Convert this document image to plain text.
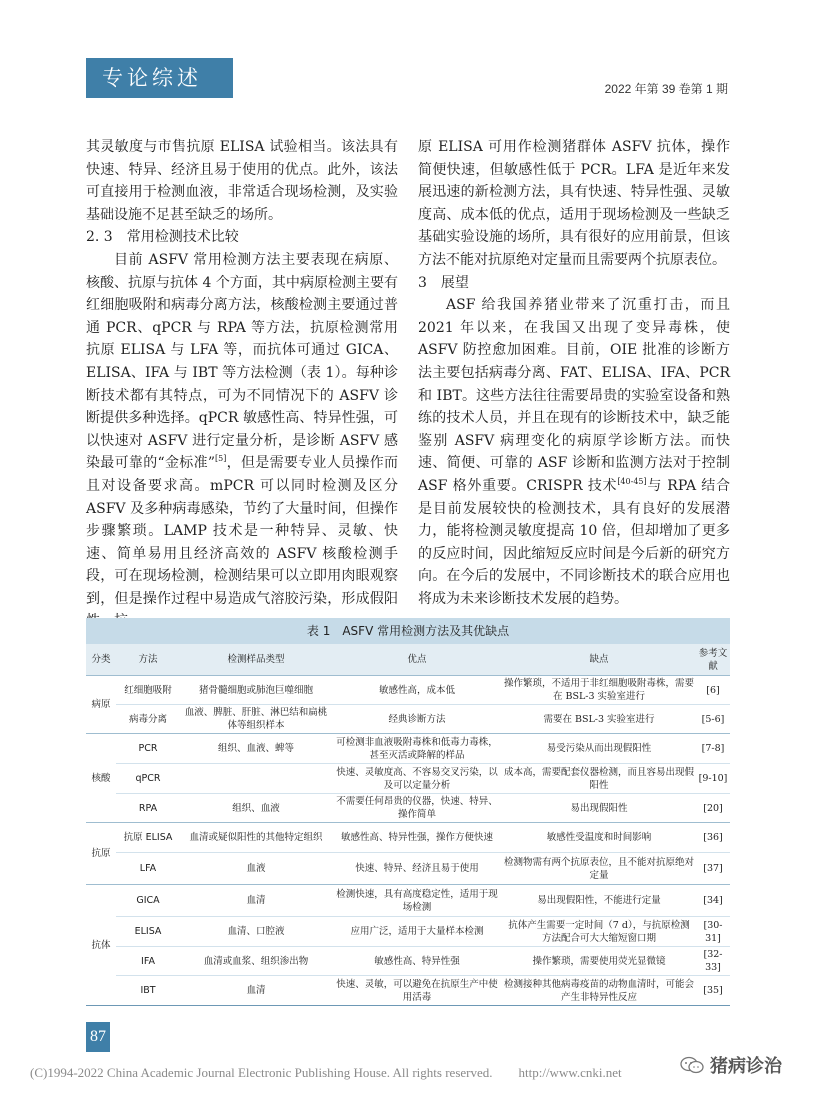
专论综述	2022 年第 39 卷第 1 期

其灵敏度与市售抗原 ELISA 试验相当。该法具有快速、特异、经济且易于使用的优点。此外，该法可直接用于检测血液，非常适合现场检测，及实验基础设施不足甚至缺乏的场所。

2. 3　常用检测技术比较

目前 ASFV 常用检测方法主要表现在病原、核酸、抗原与抗体 4 个方面，其中病原检测主要有红细胞吸附和病毒分离方法，核酸检测主要通过普通 PCR、qPCR 与 RPA 等方法，抗原检测常用抗原 ELISA 与 LFA 等，而抗体可通过 GICA、ELISA、IFA 与 IBT 等方法检测（表 1）。每种诊断技术都有其特点，可为不同情况下的 ASFV 诊断提供多种选择。qPCR 敏感性高、特异性强，可以快速对 ASFV 进行定量分析，是诊断 ASFV 感染最可靠的“金标准”[5]，但是需要专业人员操作而且对设备要求高。mPCR 可以同时检测及区分 ASFV 及多种病毒感染，节约了大量时间，但操作步骤繁琐。LAMP 技术是一种特异、灵敏、快速、简单易用且经济高效的 ASFV 核酸检测手段，可在现场检测，检测结果可以立即用肉眼观察到，但是操作过程中易造成气溶胶污染，形成假阳

原 ELISA 可用作检测猪群体 ASFV 抗体，操作简便快速，但敏感性低于 PCR。LFA 是近年来发展迅速的新检测方法，具有快速、特异性强、灵敏度高、成本低的优点，适用于现场检测及一些缺乏基础实验设施的场所，具有很好的应用前景，但该方法不能对抗原绝对定量而且需要两个抗原表位。

3　展望

ASF 给我国养猪业带来了沉重打击，而且 2021 年以来，在我国又出现了变异毒株，使 ASFV 防控愈加困难。目前，OIE 批准的诊断方法主要包括病毒分离、FAT、ELISA、IFA、PCR 和 IBT。这些方法往往需要昂贵的实验室设备和熟练的技术人员，并且在现有的诊断技术中，缺乏能鉴别 ASFV 病理变化的病原学诊断方法。而快速、简便、可靠的 ASF 诊断和监测方法对于控制 ASF 格外重要。CRISPR 技术[40-45]与 RPA 结合是目前发展较快的检测技术，具有良好的发展潜力，能将检测灵敏度提高 10 倍，但却增加了更多的反应时间，因此缩短反应时间是今后新的研究方向。在今后的发展中，不同诊断技术的联合应用也将成为未来诊断技术发展的趋势。

表 1　ASFV 常用检测方法及其优缺点
分类	方法	检测样品类型	优点	缺点	参考文献
病原	红细胞吸附	猪骨髓细胞或肺泡巨噬细胞	敏感性高，成本低	操作繁琐，不适用于非红细胞吸附毒株，需要在 BSL-3 实验室进行	[6]
	病毒分离	血液、脾脏、肝脏、淋巴结和扁桃体等组织样本	经典诊断方法	需要在 BSL-3 实验室进行	[5-6]
核酸	PCR	组织、血液、蜱等	可检测非血液吸附毒株和低毒力毒株，甚至灭活或降解的样品	易受污染从而出现假阳性	[7-8]
	qPCR		快速、灵敏度高、不容易交叉污染，以及可以定量分析	成本高，需要配套仪器检测，而且容易出现假阳性	[9-10]
	RPA	组织、血液	不需要任何昂贵的仪器，快速、特异、操作简单	易出现假阳性	[20]
抗原	抗原 ELISA	血清或疑似阳性的其他特定组织	敏感性高、特异性强，操作方便快速	敏感性受温度和时间影响	[36]
	LFA	血液	快速、特异、经济且易于使用	检测物需有两个抗原表位，且不能对抗原绝对定量	[37]
抗体	GICA	血清	检测快速，具有高度稳定性，适用于现场检测	易出现假阳性，不能进行定量	[34]
	ELISA	血清、口腔液	应用广泛，适用于大量样本检测	抗体产生需要一定时间（7 d），与抗原检测方法配合可大大缩短窗口期	[30-31]
	IFA	血清或血浆、组织渗出物	敏感性高、特异性强	操作繁琐，需要使用荧光显微镜	[32-33]
	IBT	血清	快速、灵敏，可以避免在抗原生产中使用活毒	检测接种其他病毒疫苗的动物血清时，可能会产生非特异性反应	[35]
87
(C)1994-2022 China Academic Journal Electronic Publishing House. All rights reserved.　　http://www.cnki.net	猪病诊治
